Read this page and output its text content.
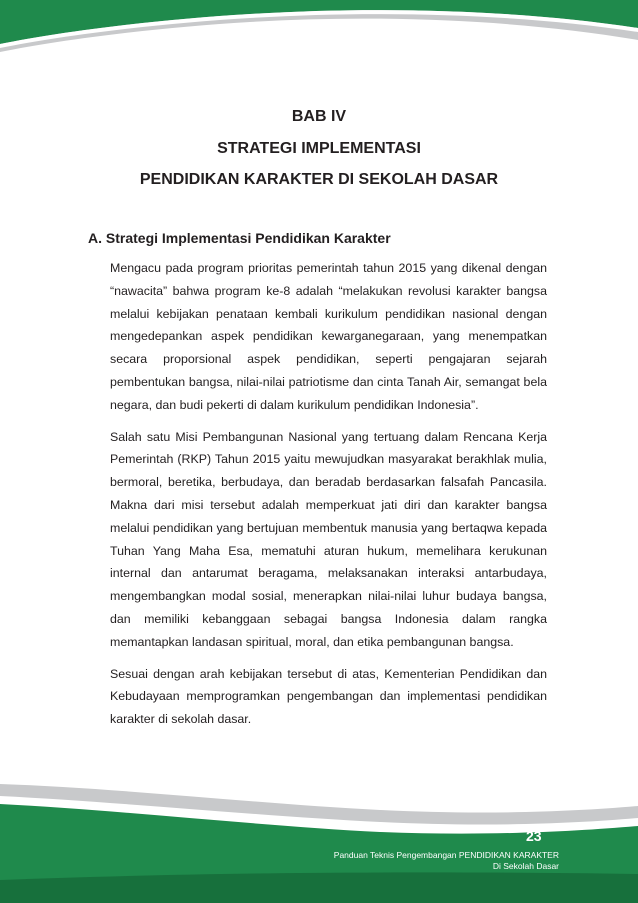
BAB IV
STRATEGI IMPLEMENTASI
PENDIDIKAN KARAKTER DI SEKOLAH DASAR
A. Strategi Implementasi Pendidikan Karakter

Mengacu pada program prioritas pemerintah tahun 2015 yang dikenal dengan “nawacita” bahwa program ke-8 adalah “melakukan revolusi karakter bangsa melalui kebijakan penataan kembali kurikulum pendidikan nasional dengan mengedepankan aspek pendidikan kewarganegaraan, yang menempatkan secara proporsional aspek pendidikan, seperti pengajaran sejarah pembentukan bangsa, nilai-nilai patriotisme dan cinta Tanah Air, semangat bela negara, dan budi pekerti di dalam kurikulum pendidikan Indonesia”.

Salah satu Misi Pembangunan Nasional yang tertuang dalam Rencana Kerja Pemerintah (RKP) Tahun 2015 yaitu mewujudkan masyarakat berakhlak mulia, bermoral, beretika, berbudaya, dan beradab berdasarkan falsafah Pancasila. Makna dari misi tersebut adalah memperkuat jati diri dan karakter bangsa melalui pendidikan yang bertujuan membentuk manusia yang bertaqwa kepada Tuhan Yang Maha Esa, mematuhi aturan hukum, memelihara kerukunan internal dan antarumat beragama, melaksanakan interaksi antarbudaya, mengembangkan modal sosial, menerapkan nilai-nilai luhur budaya bangsa, dan memiliki kebanggaan sebagai bangsa Indonesia dalam rangka memantapkan landasan spiritual, moral, dan etika pembangunan bangsa.

Sesuai dengan arah kebijakan tersebut di atas, Kementerian Pendidikan dan Kebudayaan memprogramkan pengembangan dan implementasi pendidikan karakter di sekolah dasar.

23
Panduan Teknis Pengembangan PENDIDIKAN KARAKTER
Di Sekolah Dasar
